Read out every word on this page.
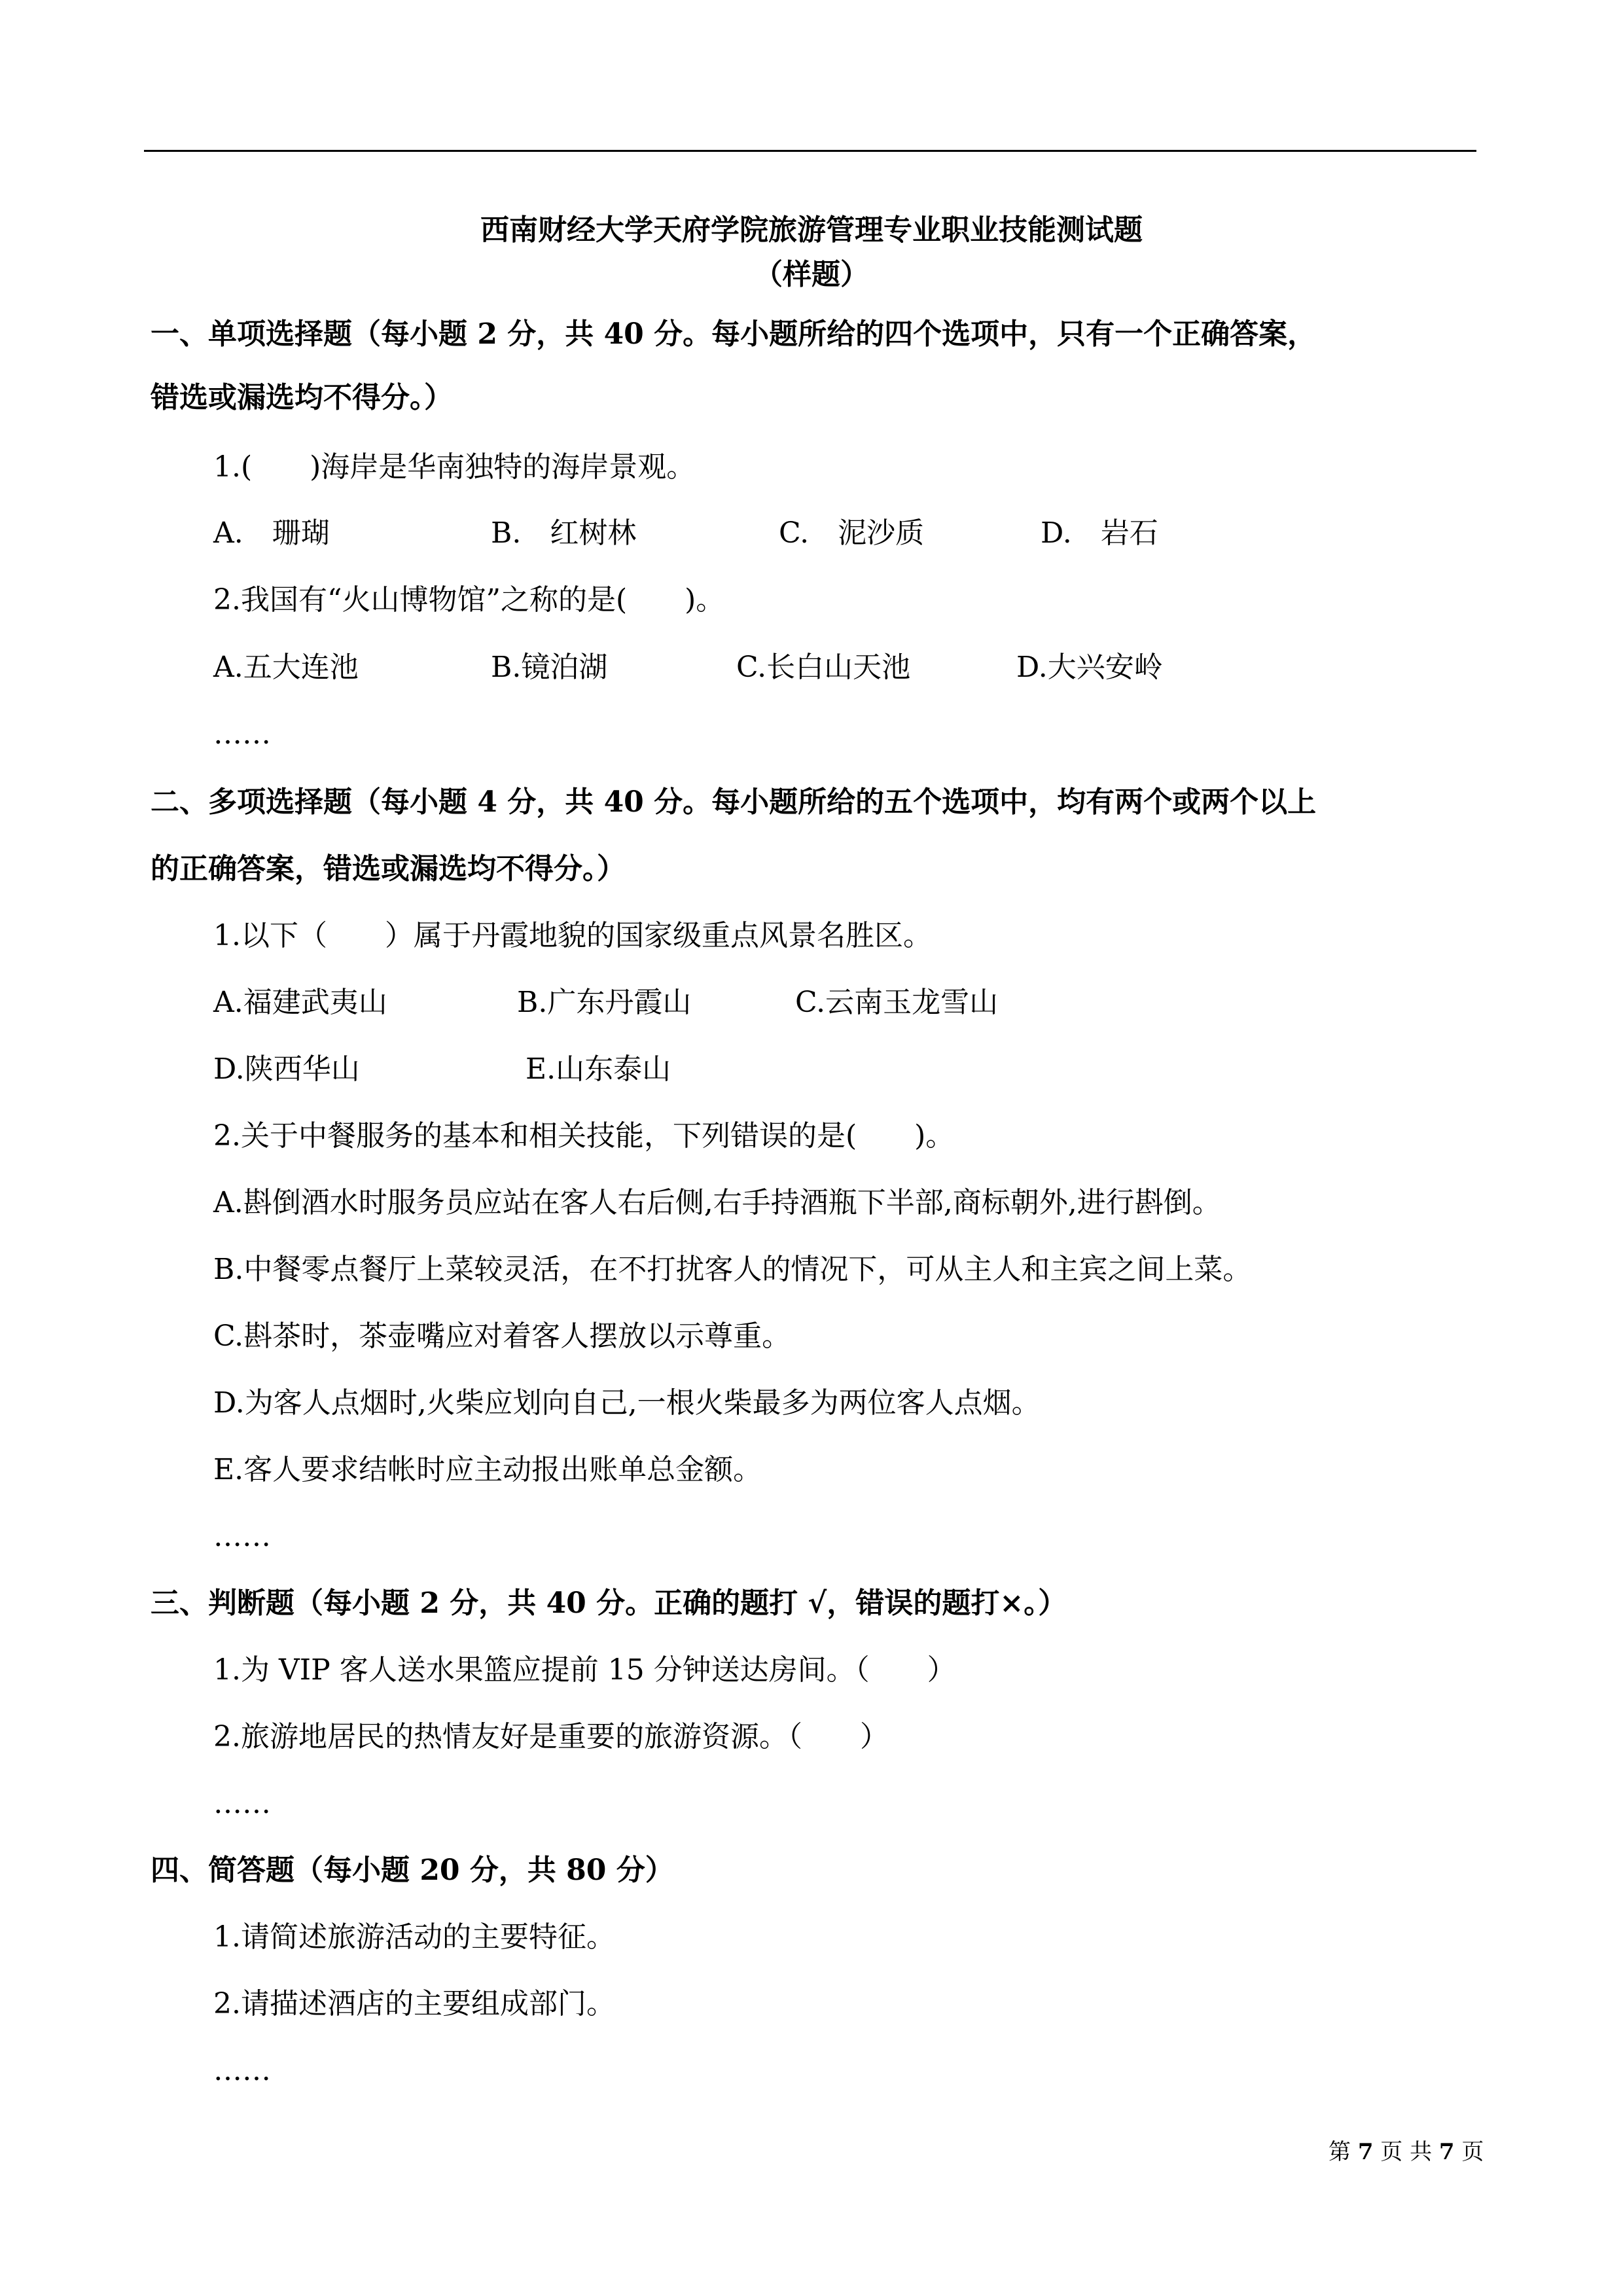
西南财经大学天府学院旅游管理专业职业技能测试题
（样题）
一、单项选择题（每小题 2 分，共 40 分。每小题所给的四个选项中，只有一个正确答案，
错选或漏选均不得分。）
1.(　　)海岸是华南独特的海岸景观。
A.　珊瑚	B.　红树林	C.　泥沙质	D.　岩石
2.我国有“火山博物馆”之称的是(　　)。
A.五大连池	B.镜泊湖	C.长白山天池	D.大兴安岭
……
二、多项选择题（每小题 4 分，共 40 分。每小题所给的五个选项中，均有两个或两个以上
的正确答案，错选或漏选均不得分。）
1.以下（　　）属于丹霞地貌的国家级重点风景名胜区。
A.福建武夷山	B.广东丹霞山	C.云南玉龙雪山
D.陕西华山	E.山东泰山
2.关于中餐服务的基本和相关技能，下列错误的是(　　)。
A.斟倒酒水时服务员应站在客人右后侧,右手持酒瓶下半部,商标朝外,进行斟倒。
B.中餐零点餐厅上菜较灵活，在不打扰客人的情况下，可从主人和主宾之间上菜。
C.斟茶时，茶壶嘴应对着客人摆放以示尊重。
D.为客人点烟时,火柴应划向自己,一根火柴最多为两位客人点烟。
E.客人要求结帐时应主动报出账单总金额。
……
三、判断题（每小题 2 分，共 40 分。正确的题打 √，错误的题打×。）
1.为 VIP 客人送水果篮应提前 15 分钟送达房间。（　　）
2.旅游地居民的热情友好是重要的旅游资源。（　　）
……
四、简答题（每小题 20 分，共 80 分）
1.请简述旅游活动的主要特征。
2.请描述酒店的主要组成部门。
……
第 7 页 共 7 页
